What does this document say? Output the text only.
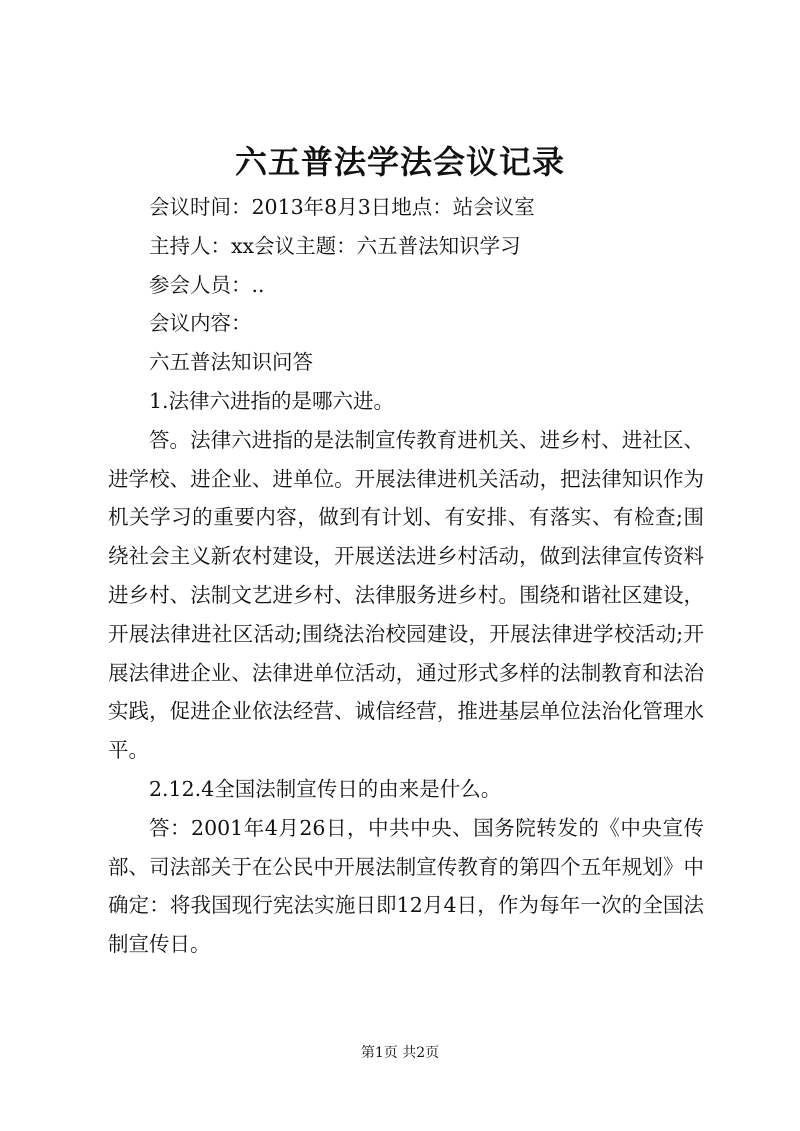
六五普法学法会议记录

会议时间：2013年8月3日地点：站会议室

主持人：xx会议主题：六五普法知识学习

参会人员：..

会议内容：

六五普法知识问答

1.法律六进指的是哪六进。

答。法律六进指的是法制宣传教育进机关、进乡村、进社区、进学校、进企业、进单位。开展法律进机关活动，把法律知识作为机关学习的重要内容，做到有计划、有安排、有落实、有检查;围绕社会主义新农村建设，开展送法进乡村活动，做到法律宣传资料进乡村、法制文艺进乡村、法律服务进乡村。围绕和谐社区建设，开展法律进社区活动;围绕法治校园建设，开展法律进学校活动;开展法律进企业、法律进单位活动，通过形式多样的法制教育和法治实践，促进企业依法经营、诚信经营，推进基层单位法治化管理水平。

2.12.4全国法制宣传日的由来是什么。

答：2001年4月26日，中共中央、国务院转发的《中央宣传部、司法部关于在公民中开展法制宣传教育的第四个五年规划》中确定：将我国现行宪法实施日即12月4日，作为每年一次的全国法制宣传日。

第1页 共2页
